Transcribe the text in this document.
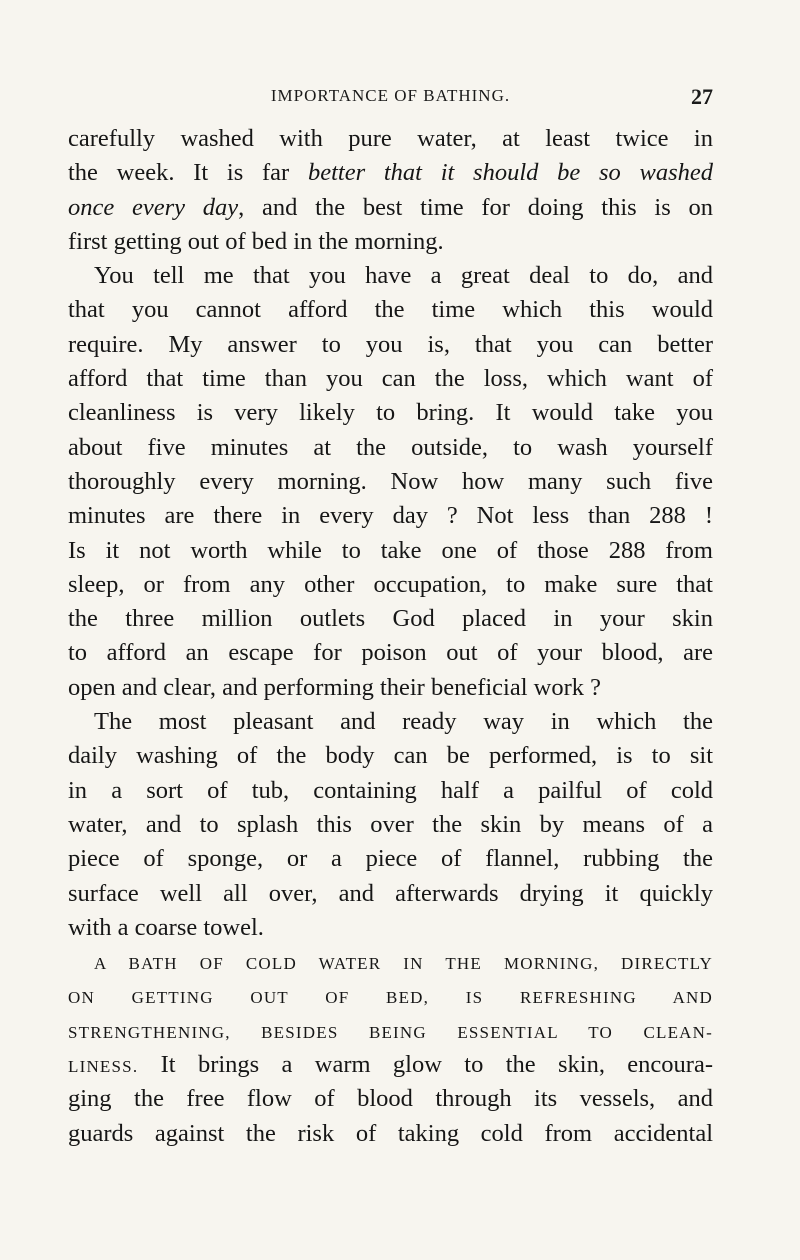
IMPORTANCE OF BATHING.	27
carefully washed with pure water, at least twice in
the week. It is far better that it should be so washed
once every day, and the best time for doing this is on
first getting out of bed in the morning.
You tell me that you have a great deal to do, and
that you cannot afford the time which this would
require. My answer to you is, that you can better
afford that time than you can the loss, which want of
cleanliness is very likely to bring. It would take you
about five minutes at the outside, to wash yourself
thoroughly every morning. Now how many such five
minutes are there in every day ? Not less than 288 !
Is it not worth while to take one of those 288 from
sleep, or from any other occupation, to make sure that
the three million outlets God placed in your skin
to afford an escape for poison out of your blood, are
open and clear, and performing their beneficial work ?
The most pleasant and ready way in which the
daily washing of the body can be performed, is to sit
in a sort of tub, containing half a pailful of cold
water, and to splash this over the skin by means of a
piece of sponge, or a piece of flannel, rubbing the
surface well all over, and afterwards drying it quickly
with a coarse towel.
A BATH OF COLD WATER IN THE MORNING, DIRECTLY
ON GETTING OUT OF BED, IS REFRESHING AND
STRENGTHENING, BESIDES BEING ESSENTIAL TO CLEAN-
LINESS. It brings a warm glow to the skin, encoura-
ging the free flow of blood through its vessels, and
guards against the risk of taking cold from accidental
